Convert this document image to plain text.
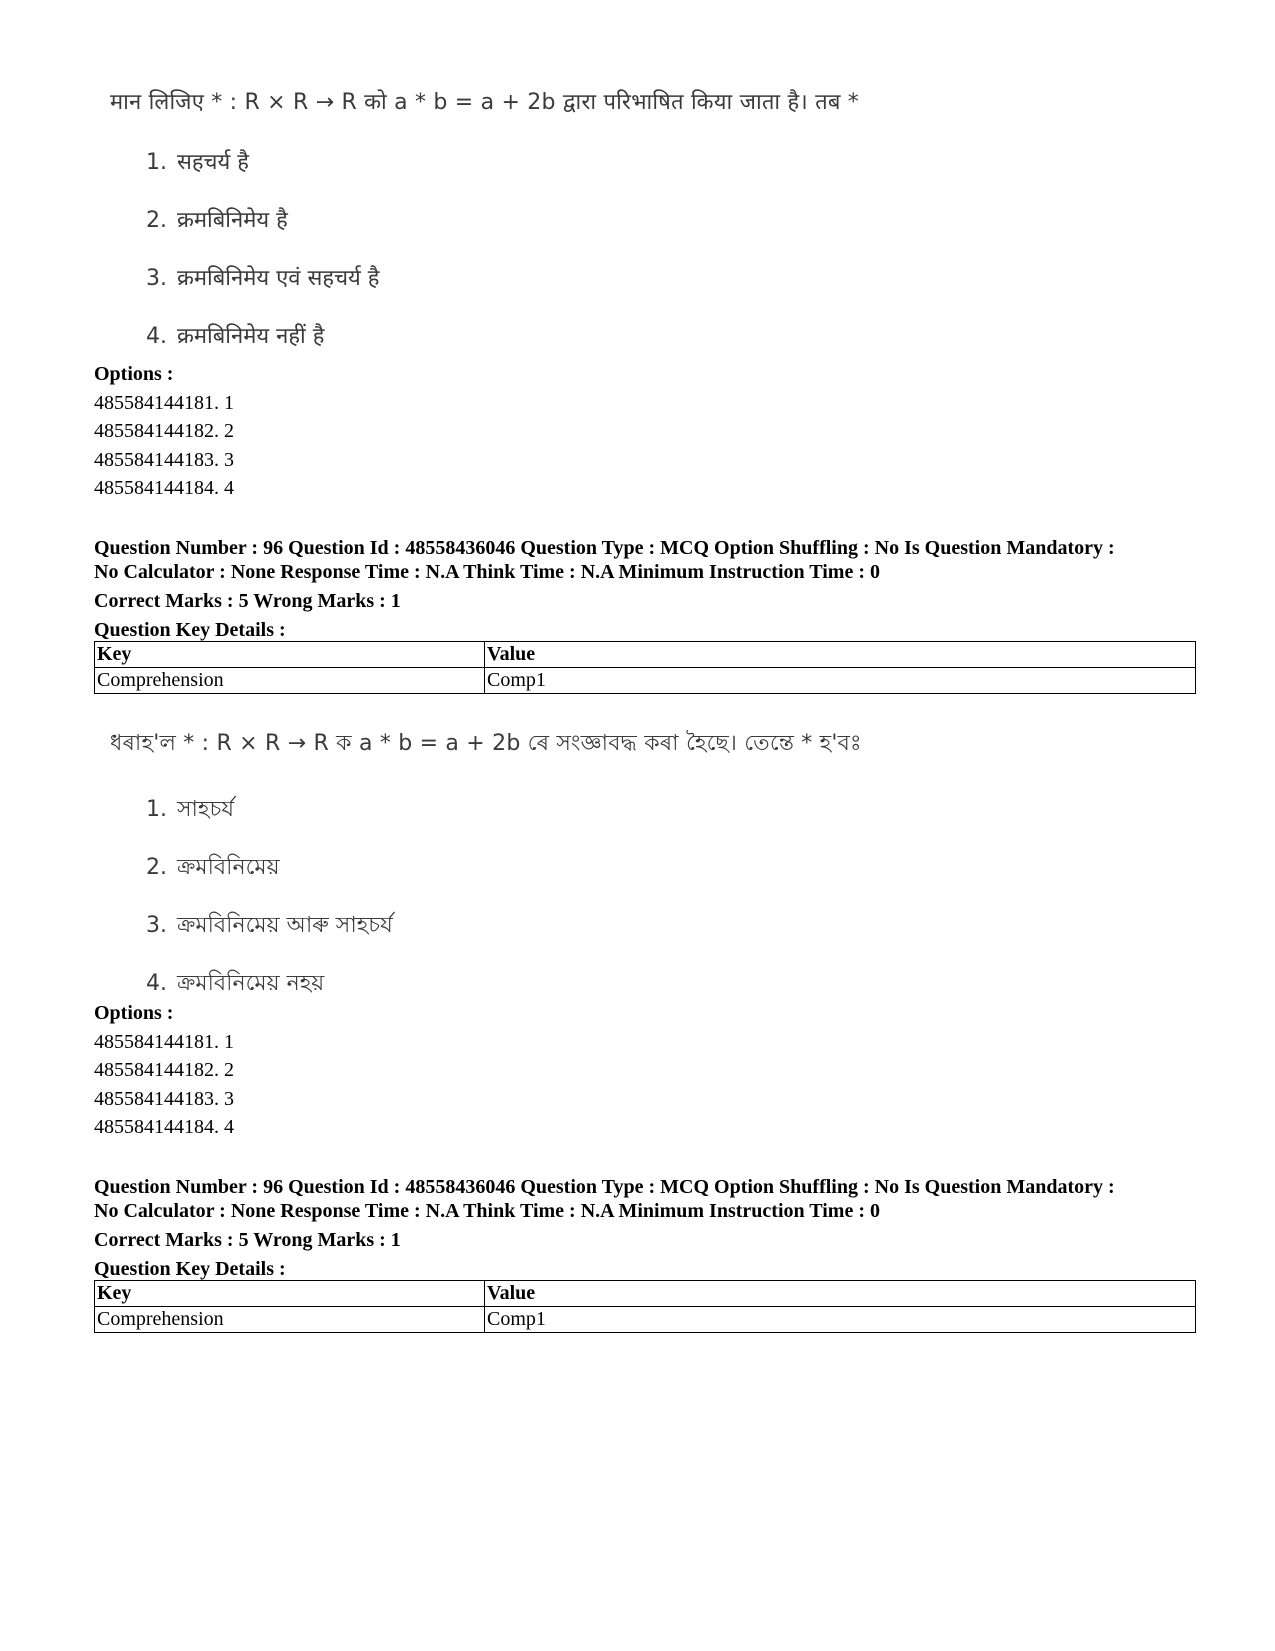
मान लिजिए * : R × R → R को a * b = a + 2b द्वारा परिभाषित किया जाता है। तब *

1. सहचर्य है
2. क्रमबिनिमेय है
3. क्रमबिनिमेय एवं सहचर्य है
4. क्रमबिनिमेय नहीं है
Options :
485584144181. 1
485584144182. 2
485584144183. 3
485584144184. 4
Question Number : 96 Question Id : 48558436046 Question Type : MCQ Option Shuffling : No Is Question Mandatory :
No Calculator : None Response Time : N.A Think Time : N.A Minimum Instruction Time : 0
Correct Marks : 5 Wrong Marks : 1
Question Key Details :
Key	Value
Comprehension	Comp1

ধৰাহ'ল * : R × R → R ক a * b = a + 2b ৰে সংজ্ঞাবদ্ধ কৰা হৈছে। তেন্তে * হ'বঃ

1. সাহচৰ্য
2. ক্ৰমবিনিমেয়
3. ক্ৰমবিনিমেয় আৰু সাহচৰ্য
4. ক্ৰমবিনিমেয় নহয়
Options :
485584144181. 1
485584144182. 2
485584144183. 3
485584144184. 4
Question Number : 96 Question Id : 48558436046 Question Type : MCQ Option Shuffling : No Is Question Mandatory :
No Calculator : None Response Time : N.A Think Time : N.A Minimum Instruction Time : 0
Correct Marks : 5 Wrong Marks : 1
Question Key Details :
Key	Value
Comprehension	Comp1
